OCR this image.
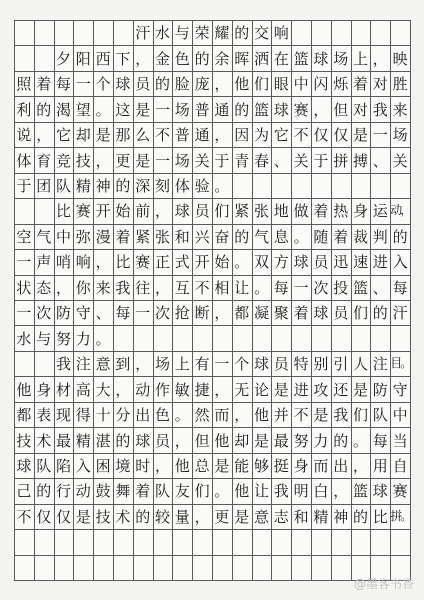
汗 水 与 荣 耀 的 交 响
夕 阳 西 下 ， 金 色 的 余 晖 洒 在 篮 球 场 上 ， 映
照 着 每 一 个 球 员 的 脸 庞 ， 他 们 眼 中 闪 烁 着 对 胜
利 的 渴 望 。 这 是 一 场 普 通 的 篮 球 赛 ， 但 对 我 来
说 ， 它 却 是 那 么 不 普 通 ， 因 为 它 不 仅 仅 是 一 场
体 育 竞 技 ， 更 是 一 场 关 于 青 春 、 关 于 拼 搏 、 关
于 团 队 精 神 的 深 刻 体 验 。
比 赛 开 始 前 ， 球 员 们 紧 张 地 做 着 热 身 运 动，
空 气 中 弥 漫 着 紧 张 和 兴 奋 的 气 息 。 随 着 裁 判 的
一 声 哨 响 ， 比 赛 正 式 开 始 。 双 方 球 员 迅 速 进 入
状 态 ， 你 来 我 往 ， 互 不 相 让 。 每 一 次 投 篮 、 每
一 次 防 守 、 每 一 次 抢 断 ， 都 凝 聚 着 球 员 们 的 汗
水 与 努 力 。
我 注 意 到 ， 场 上 有 一 个 球 员 特 别 引 人 注 目。
他 身 材 高 大 ， 动 作 敏 捷 ， 无 论 是 进 攻 还 是 防 守
都 表 现 得 十 分 出 色 。 然 而 ， 他 并 不 是 我 们 队 中
技 术 最 精 湛 的 球 员 ， 但 他 却 是 最 努 力 的 。 每 当
球 队 陷 入 困 境 时 ， 他 总 是 能 够 挺 身 而 出 ， 用 自
己 的 行 动 鼓 舞 着 队 友 们 。 他 让 我 明 白 ， 篮 球 赛
不 仅 仅 是 技 术 的 较 量 ， 更 是 意 志 和 精 神 的 比 拼。
@墨客书香
